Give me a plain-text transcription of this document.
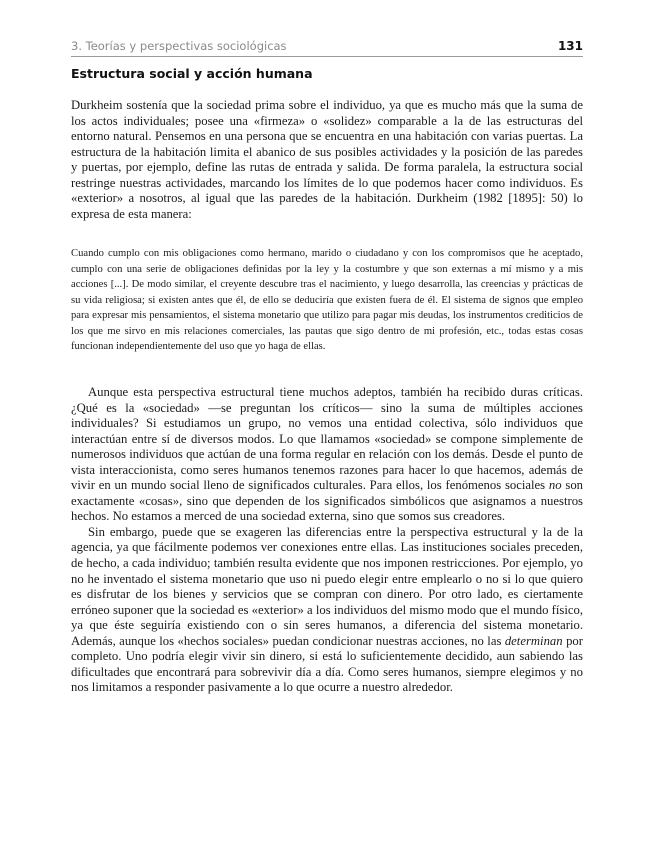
3. Teorías y perspectivas sociológicas	131
Estructura social y acción humana

Durkheim sostenía que la sociedad prima sobre el individuo, ya que es mucho más que la suma de los actos individuales; posee una «firmeza» o «solidez» comparable a la de las estructuras del entorno natural. Pensemos en una persona que se encuentra en una habitación con varias puertas. La estructura de la habitación limita el abanico de sus posibles actividades y la posición de las paredes y puertas, por ejemplo, define las rutas de entrada y salida. De forma paralela, la estructura social restringe nuestras actividades, marcando los límites de lo que podemos hacer como individuos. Es «exterior» a nosotros, al igual que las paredes de la habitación. Durkheim (1982 [1895]: 50) lo expresa de esta manera:

Cuando cumplo con mis obligaciones como hermano, marido o ciudadano y con los compromisos que he aceptado, cumplo con una serie de obligaciones definidas por la ley y la costumbre y que son externas a mí mismo y a mis acciones [...]. De modo similar, el creyente descubre tras el nacimiento, y luego desarrolla, las creencias y prácticas de su vida religiosa; si existen antes que él, de ello se deduciría que existen fuera de él. El sistema de signos que empleo para expresar mis pensamientos, el sistema monetario que utilizo para pagar mis deudas, los instrumentos crediticios de los que me sirvo en mis relaciones comerciales, las pautas que sigo dentro de mi profesión, etc., todas estas cosas funcionan independientemente del uso que yo haga de ellas.

Aunque esta perspectiva estructural tiene muchos adeptos, también ha recibido duras críticas. ¿Qué es la «sociedad» —se preguntan los críticos— sino la suma de múltiples acciones individuales? Si estudiamos un grupo, no vemos una entidad colectiva, sólo individuos que interactúan entre sí de diversos modos. Lo que llamamos «sociedad» se compone simplemente de numerosos individuos que actúan de una forma regular en relación con los demás. Desde el punto de vista interaccionista, como seres humanos tenemos razones para hacer lo que hacemos, además de vivir en un mundo social lleno de significados culturales. Para ellos, los fenómenos sociales no son exactamente «cosas», sino que dependen de los significados simbólicos que asignamos a nuestros hechos. No estamos a merced de una sociedad externa, sino que somos sus creadores.

Sin embargo, puede que se exageren las diferencias entre la perspectiva estructural y la de la agencia, ya que fácilmente podemos ver conexiones entre ellas. Las instituciones sociales preceden, de hecho, a cada individuo; también resulta evidente que nos imponen restricciones. Por ejemplo, yo no he inventado el sistema monetario que uso ni puedo elegir entre emplearlo o no si lo que quiero es disfrutar de los bienes y servicios que se compran con dinero. Por otro lado, es ciertamente erróneo suponer que la sociedad es «exterior» a los individuos del mismo modo que el mundo físico, ya que éste seguiría existiendo con o sin seres humanos, a diferencia del sistema monetario. Además, aunque los «hechos sociales» puedan condicionar nuestras acciones, no las determinan por completo. Uno podría elegir vivir sin dinero, si está lo suficientemente decidido, aun sabiendo las dificultades que encontrará para sobrevivir día a día. Como seres humanos, siempre elegimos y no nos limitamos a responder pasivamente a lo que ocurre a nuestro alrededor.
